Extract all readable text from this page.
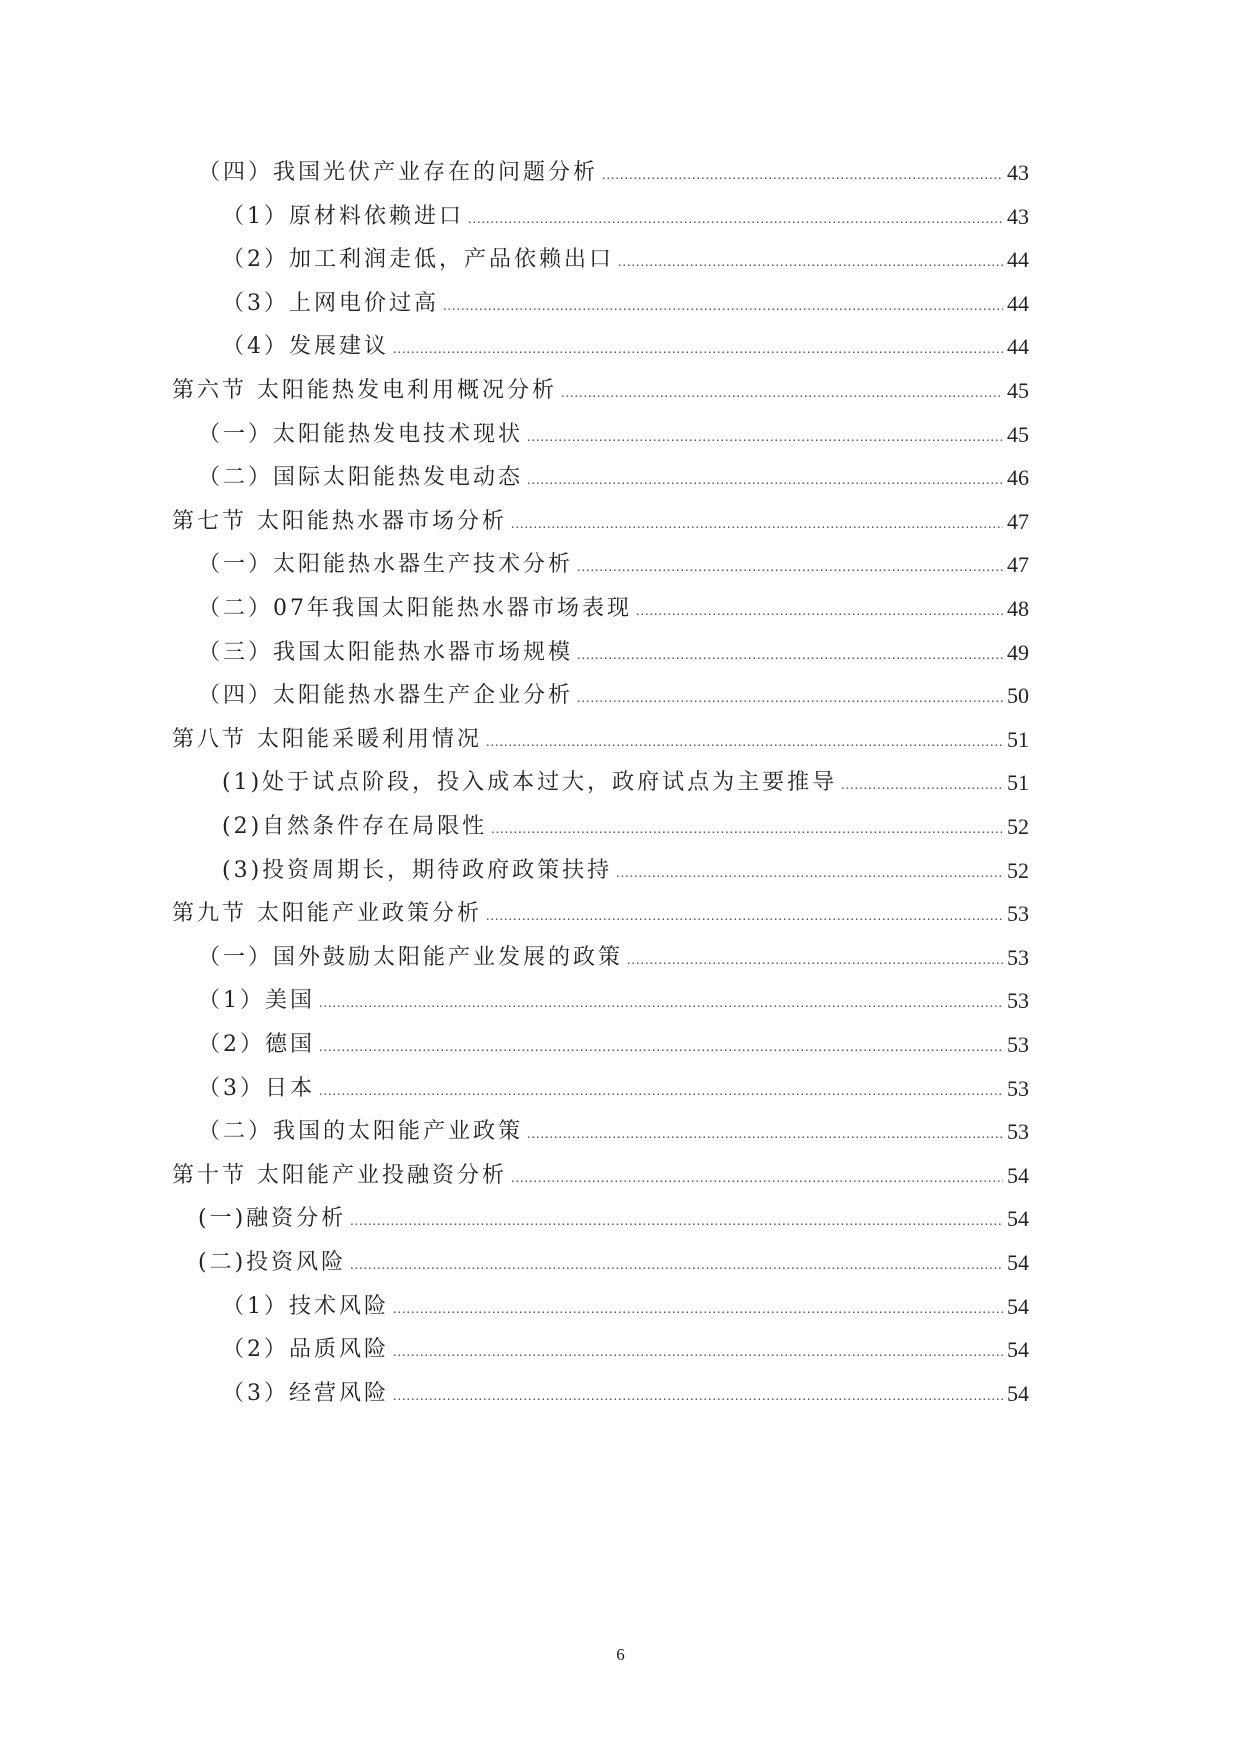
（四）我国光伏产业存在的问题分析 .....	43
（1）原材料依赖进口 .....	43
（2）加工利润走低，产品依赖出口 .....	44
（3）上网电价过高 .....	44
（4）发展建议 .....	44
第六节 太阳能热发电利用概况分析 .....	45
（一）太阳能热发电技术现状 .....	45
（二）国际太阳能热发电动态 .....	46
第七节 太阳能热水器市场分析 .....	47
（一）太阳能热水器生产技术分析 .....	47
（二）07年我国太阳能热水器市场表现 .....	48
（三）我国太阳能热水器市场规模 .....	49
（四）太阳能热水器生产企业分析 .....	50
第八节 太阳能采暖利用情况 .....	51
(1)处于试点阶段，投入成本过大，政府试点为主要推导 .....	51
(2)自然条件存在局限性 .....	52
(3)投资周期长，期待政府政策扶持 .....	52
第九节 太阳能产业政策分析 .....	53
（一）国外鼓励太阳能产业发展的政策 .....	53
（1）美国 .....	53
（2）德国 .....	53
（3）日本 .....	53
（二）我国的太阳能产业政策 .....	53
第十节 太阳能产业投融资分析 .....	54
(一)融资分析 .....	54
(二)投资风险 .....	54
（1）技术风险 .....	54
（2）品质风险 .....	54
（3）经营风险 .....	54
6
